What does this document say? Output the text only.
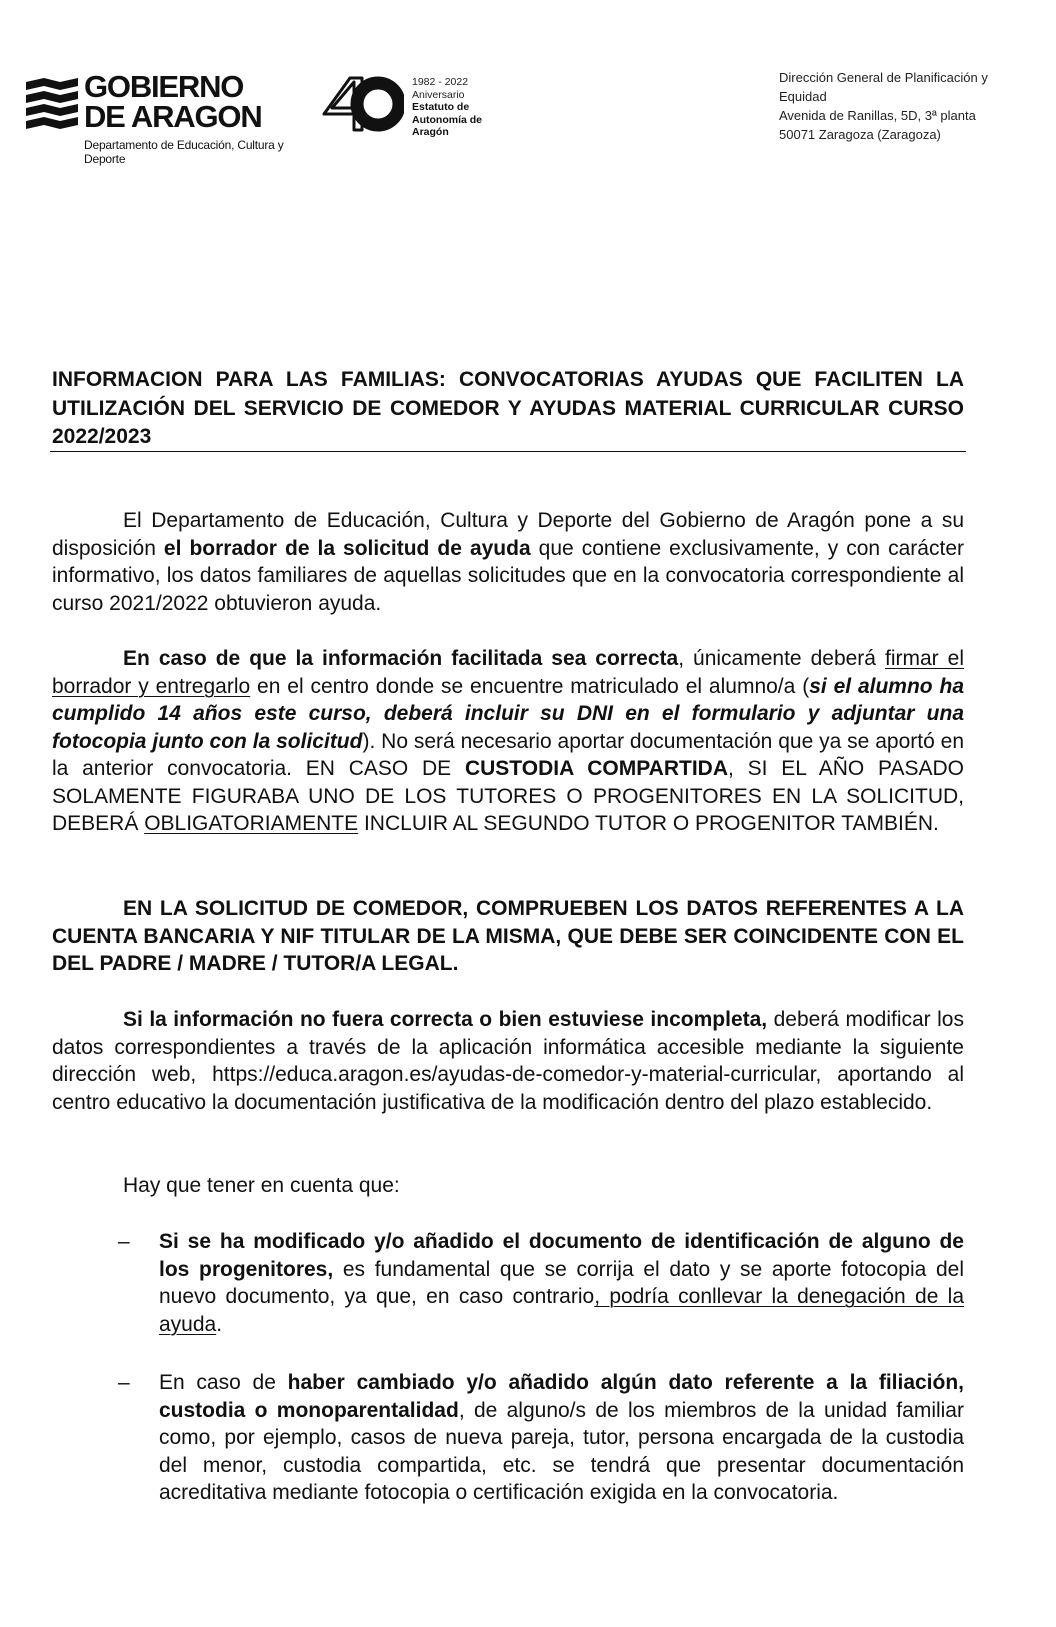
GOBIERNO
DE ARAGON
Departamento de Educación, Cultura y Deporte
1982 - 2022
Aniversario
Estatuto de
Autonomía de
Aragón
Dirección General de Planificación y
Equidad
Avenida de Ranillas, 5D, 3ª planta
50071 Zaragoza (Zaragoza)
INFORMACION PARA LAS FAMILIAS: CONVOCATORIAS AYUDAS QUE FACILITEN LA UTILIZACIÓN DEL SERVICIO DE COMEDOR Y AYUDAS MATERIAL CURRICULAR CURSO 2022/2023
El Departamento de Educación, Cultura y Deporte del Gobierno de Aragón pone a su disposición el borrador de la solicitud de ayuda que contiene exclusivamente, y con carácter informativo, los datos familiares de aquellas solicitudes que en la convocatoria correspondiente al curso 2021/2022 obtuvieron ayuda.
En caso de que la información facilitada sea correcta, únicamente deberá firmar el borrador y entregarlo en el centro donde se encuentre matriculado el alumno/a (si el alumno ha cumplido 14 años este curso, deberá incluir su DNI en el formulario y adjuntar una fotocopia junto con la solicitud). No será necesario aportar documentación que ya se aportó en la anterior convocatoria. EN CASO DE CUSTODIA COMPARTIDA, SI EL AÑO PASADO SOLAMENTE FIGURABA UNO DE LOS TUTORES O PROGENITORES EN LA SOLICITUD, DEBERÁ OBLIGATORIAMENTE INCLUIR AL SEGUNDO TUTOR O PROGENITOR TAMBIÉN.
EN LA SOLICITUD DE COMEDOR, COMPRUEBEN LOS DATOS REFERENTES A LA CUENTA BANCARIA Y NIF TITULAR DE LA MISMA, QUE DEBE SER COINCIDENTE CON EL DEL PADRE / MADRE / TUTOR/A LEGAL.
Si la información no fuera correcta o bien estuviese incompleta, deberá modificar los datos correspondientes a través de la aplicación informática accesible mediante la siguiente dirección web, https://educa.aragon.es/ayudas-de-comedor-y-material-curricular, aportando al centro educativo la documentación justificativa de la modificación dentro del plazo establecido.
Hay que tener en cuenta que:
–	Si se ha modificado y/o añadido el documento de identificación de alguno de los progenitores, es fundamental que se corrija el dato y se aporte fotocopia del nuevo documento, ya que, en caso contrario, podría conllevar la denegación de la ayuda.
–	En caso de haber cambiado y/o añadido algún dato referente a la filiación, custodia o monoparentalidad, de alguno/s de los miembros de la unidad familiar como, por ejemplo, casos de nueva pareja, tutor, persona encargada de la custodia del menor, custodia compartida, etc. se tendrá que presentar documentación acreditativa mediante fotocopia o certificación exigida en la convocatoria.
